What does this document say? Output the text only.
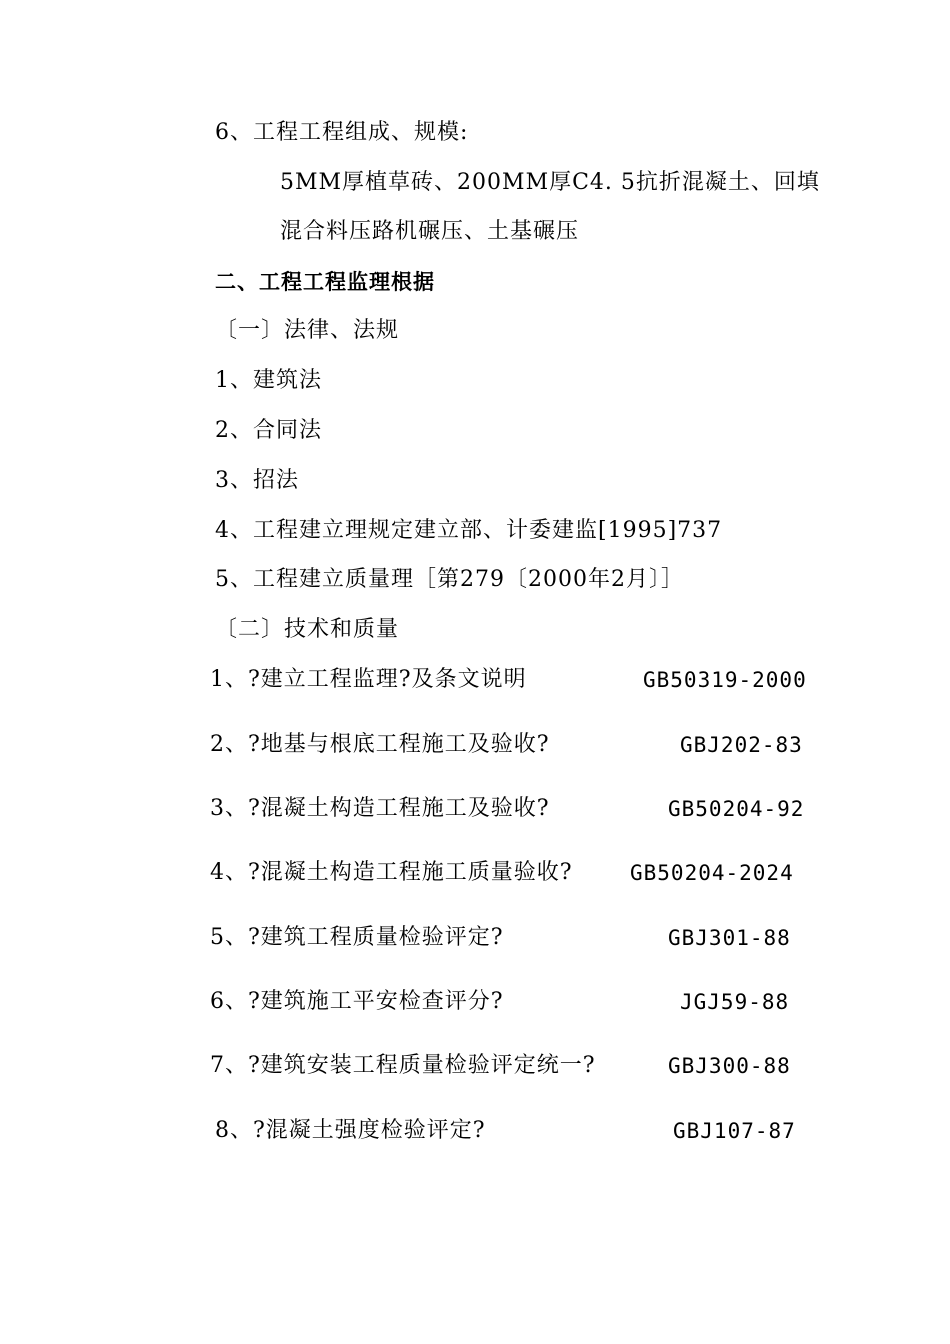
6、工程工程组成、规模:
5MM厚植草砖、200MM厚C4. 5抗折混凝土、回填
混合料压路机碾压、土基碾压
二、工程工程监理根据
〔一〕法律、法规
1、建筑法
2、合同法
3、招法
4、工程建立理规定建立部、计委建监[1995]737
5、工程建立质量理［第279〔2000年2月〕］
〔二〕技术和质量
1、?建立工程监理?及条文说明	GB50319-2000
2、?地基与根底工程施工及验收?	GBJ202-83
3、?混凝土构造工程施工及验收?	GB50204-92
4、?混凝土构造工程施工质量验收?	GB50204-2024
5、?建筑工程质量检验评定?	GBJ301-88
6、?建筑施工平安检查评分?	JGJ59-88
7、?建筑安装工程质量检验评定统一?	GBJ300-88
8、?混凝土强度检验评定?	GBJ107-87
